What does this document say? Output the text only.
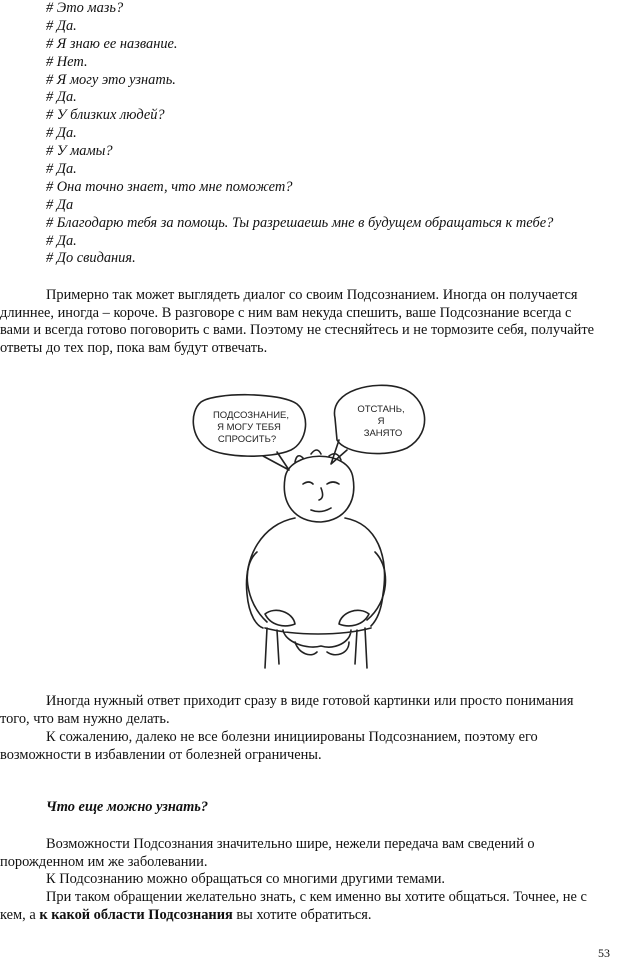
# Это мазь?
# Да.
# Я знаю ее название.
# Нет.
# Я могу это узнать.
# Да.
# У близких людей?
# Да.
# У мамы?
# Да.
# Она точно знает, что мне поможет?
# Да
# Благодарю тебя за помощь. Ты разрешаешь мне в будущем обращаться к тебе?
# Да.
# До свидания.

Примерно так может выглядеть диалог со своим Подсознанием. Иногда он получается длиннее, иногда – короче. В разговоре с ним вам некуда спешить, ваше Подсознание всегда с вами и всегда готово поговорить с вами. Поэтому не стесняйтесь и не тормозите себя, получайте ответы до тех пор, пока вам будут отвечать.

ПОДСОЗНАНИЕ,
Я МОГУ ТЕБЯ
СПРОСИТЬ?
ОТСТАНЬ,
Я
ЗАНЯТО

Иногда нужный ответ приходит сразу в виде готовой картинки или просто понимания того, что вам нужно делать.

К сожалению, далеко не все болезни инициированы Подсознанием, поэтому его возможности в избавлении от болезней ограничены.

Что еще можно узнать?

Возможности Подсознания значительно шире, нежели передача вам сведений о порожденном им же заболевании.

К Подсознанию можно обращаться со многими другими темами.

При таком обращении желательно знать, с кем именно вы хотите общаться. Точнее, не с кем, а к какой области Подсознания вы хотите обратиться.

53
